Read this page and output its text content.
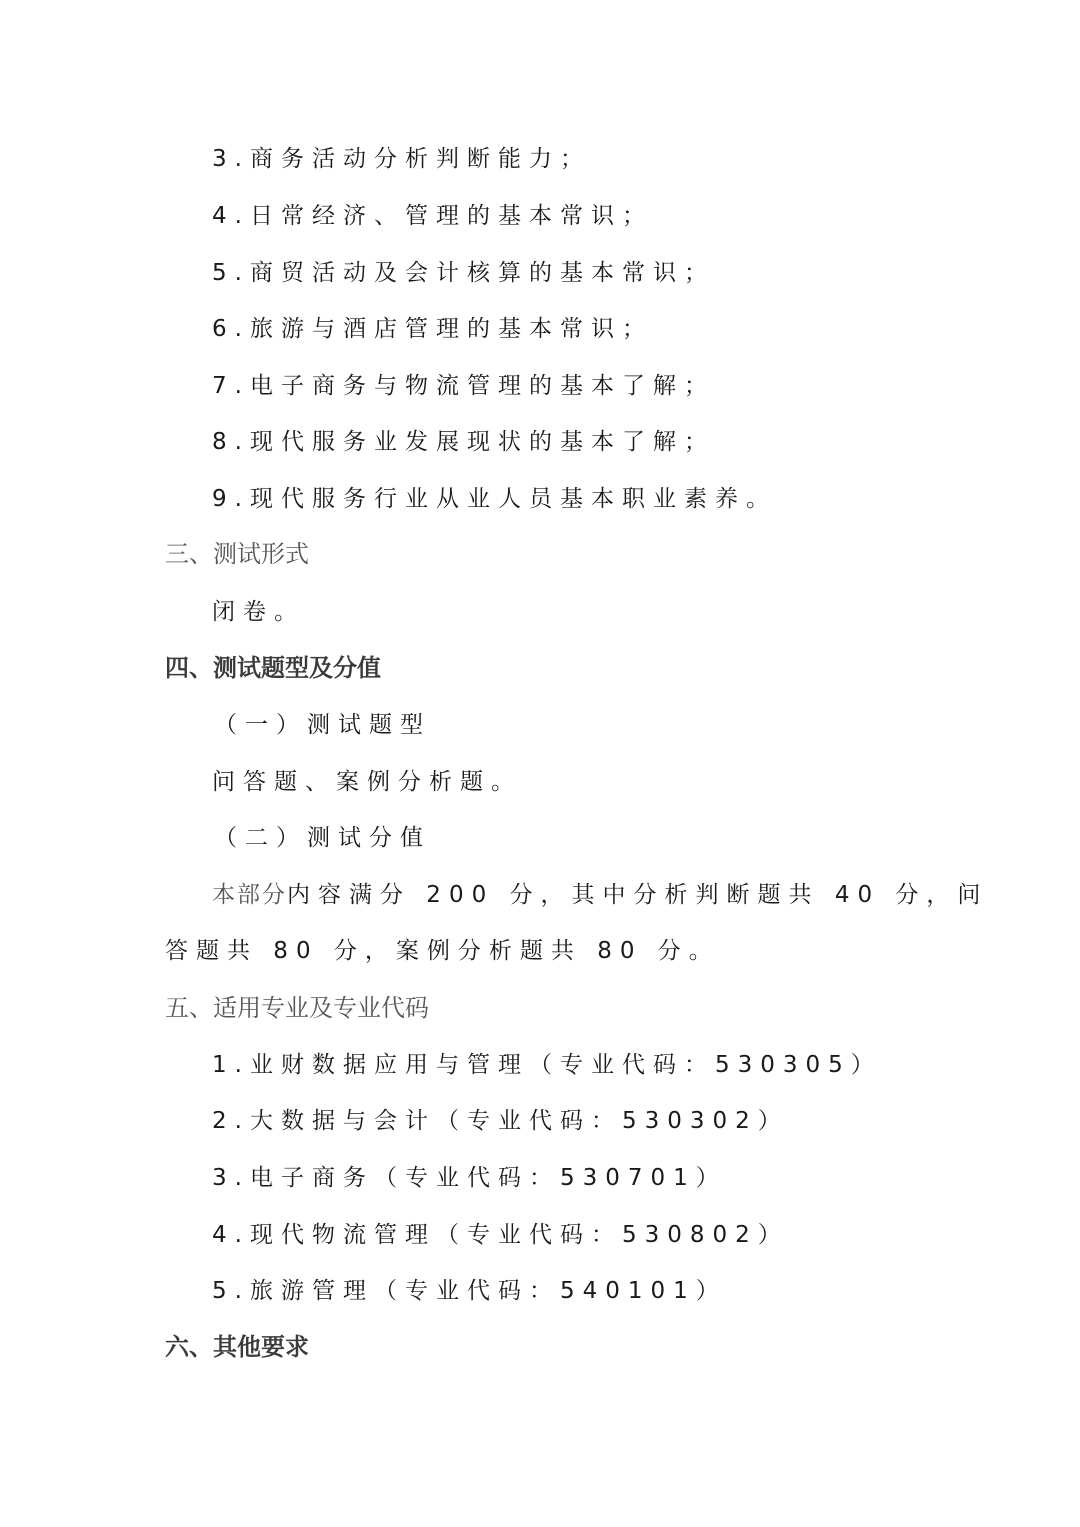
3.商务活动分析判断能力；
4.日常经济、管理的基本常识；
5.商贸活动及会计核算的基本常识；
6.旅游与酒店管理的基本常识；
7.电子商务与物流管理的基本了解；
8.现代服务业发展现状的基本了解；
9.现代服务行业从业人员基本职业素养。
三、测试形式
闭卷。
四、测试题型及分值
（一）测试题型
问答题、案例分析题。
（二）测试分值
本部分内容满分 200 分，其中分析判断题共 40 分，问
答题共 80 分，案例分析题共 80 分。
五、适用专业及专业代码
1.业财数据应用与管理（专业代码：530305）
2.大数据与会计（专业代码：530302）
3.电子商务（专业代码：530701）
4.现代物流管理（专业代码：530802）
5.旅游管理（专业代码：540101）
六、其他要求
